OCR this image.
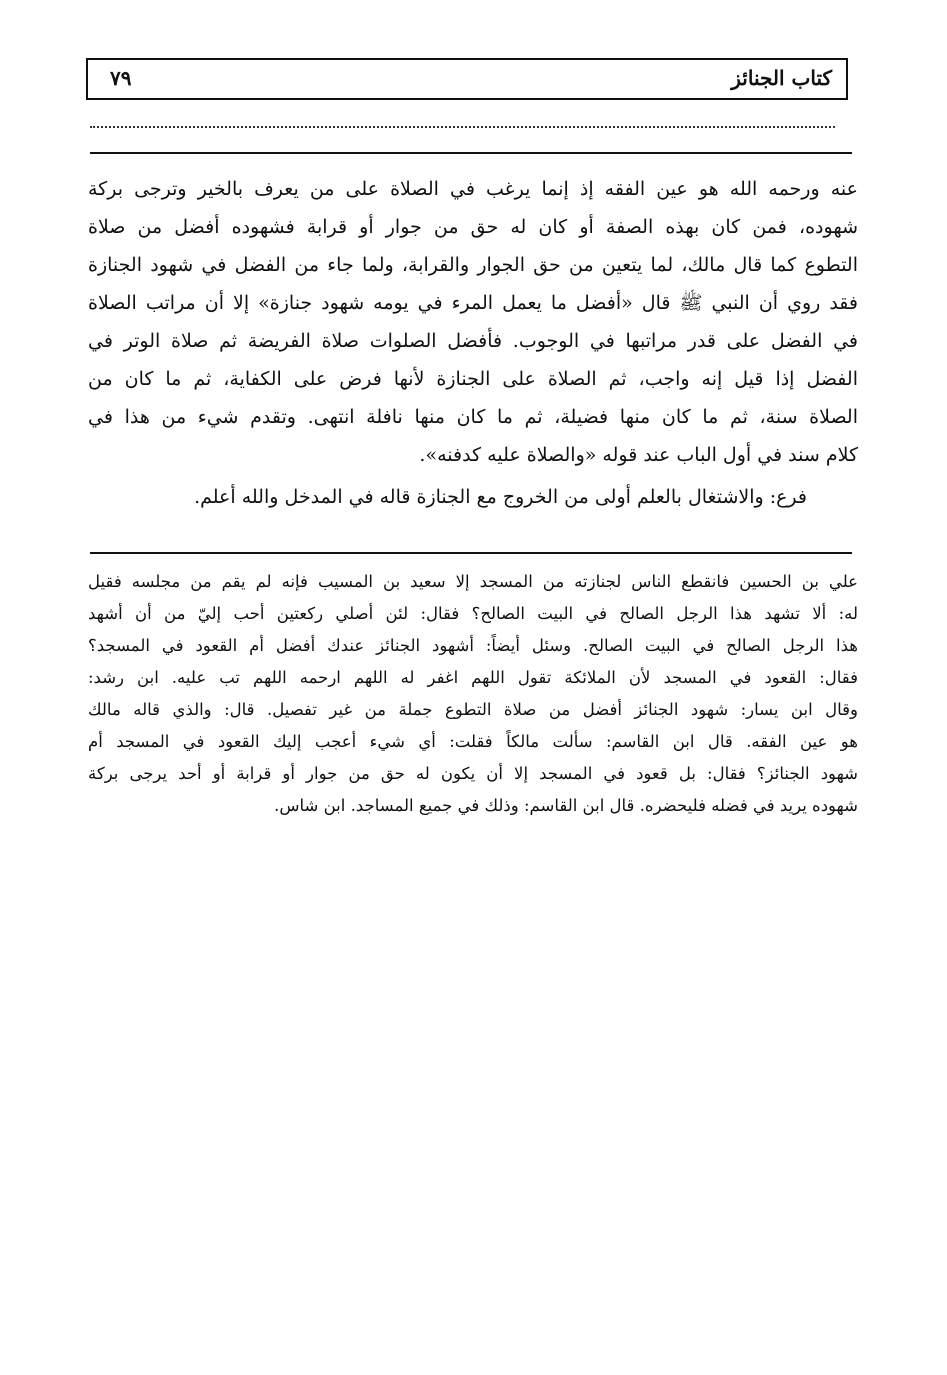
كتاب الجنائز
٧٩
عنه ورحمه الله هو عين الفقه إذ إنما يرغب في الصلاة على من يعرف بالخير وترجى بركة
شهوده، فمن كان بهذه الصفة أو كان له حق من جوار أو قرابة فشهوده أفضل من صلاة
التطوع كما قال مالك، لما يتعين من حق الجوار والقرابة، ولما جاء من الفضل في شهود الجنازة
فقد روي أن النبي ﷺ قال «أفضل ما يعمل المرء في يومه شهود جنازة» إلا أن مراتب الصلاة
في الفضل على قدر مراتبها في الوجوب. فأفضل الصلوات صلاة الفريضة ثم صلاة الوتر في
الفضل إذا قيل إنه واجب، ثم الصلاة على الجنازة لأنها فرض على الكفاية، ثم ما كان من
الصلاة سنة، ثم ما كان منها فضيلة، ثم ما كان منها نافلة انتهى. وتقدم شيء من هذا في
كلام سند في أول الباب عند قوله «والصلاة عليه كدفنه».
فرع: والاشتغال بالعلم أولى من الخروج مع الجنازة قاله في المدخل والله أعلم.
علي بن الحسين فانقطع الناس لجنازته من المسجد إلا سعيد بن المسيب فإنه لم يقم من مجلسه فقيل
له: ألا تشهد هذا الرجل الصالح في البيت الصالح؟ فقال: لئن أصلي ركعتين أحب إليّ من أن أشهد
هذا الرجل الصالح في البيت الصالح. وسئل أيضاً: أشهود الجنائز عندك أفضل أم القعود في المسجد؟
فقال: القعود في المسجد لأن الملائكة تقول اللهم اغفر له اللهم ارحمه اللهم تب عليه. ابن رشد:
وقال ابن يسار: شهود الجنائز أفضل من صلاة التطوع جملة من غير تفصيل. قال: والذي قاله مالك
هو عين الفقه. قال ابن القاسم: سألت مالكاً فقلت: أي شيء أعجب إليك القعود في المسجد أم
شهود الجنائز؟ فقال: بل قعود في المسجد إلا أن يكون له حق من جوار أو قرابة أو أحد يرجى بركة
شهوده يريد في فضله فليحضره. قال ابن القاسم: وذلك في جميع المساجد. ابن شاس.
